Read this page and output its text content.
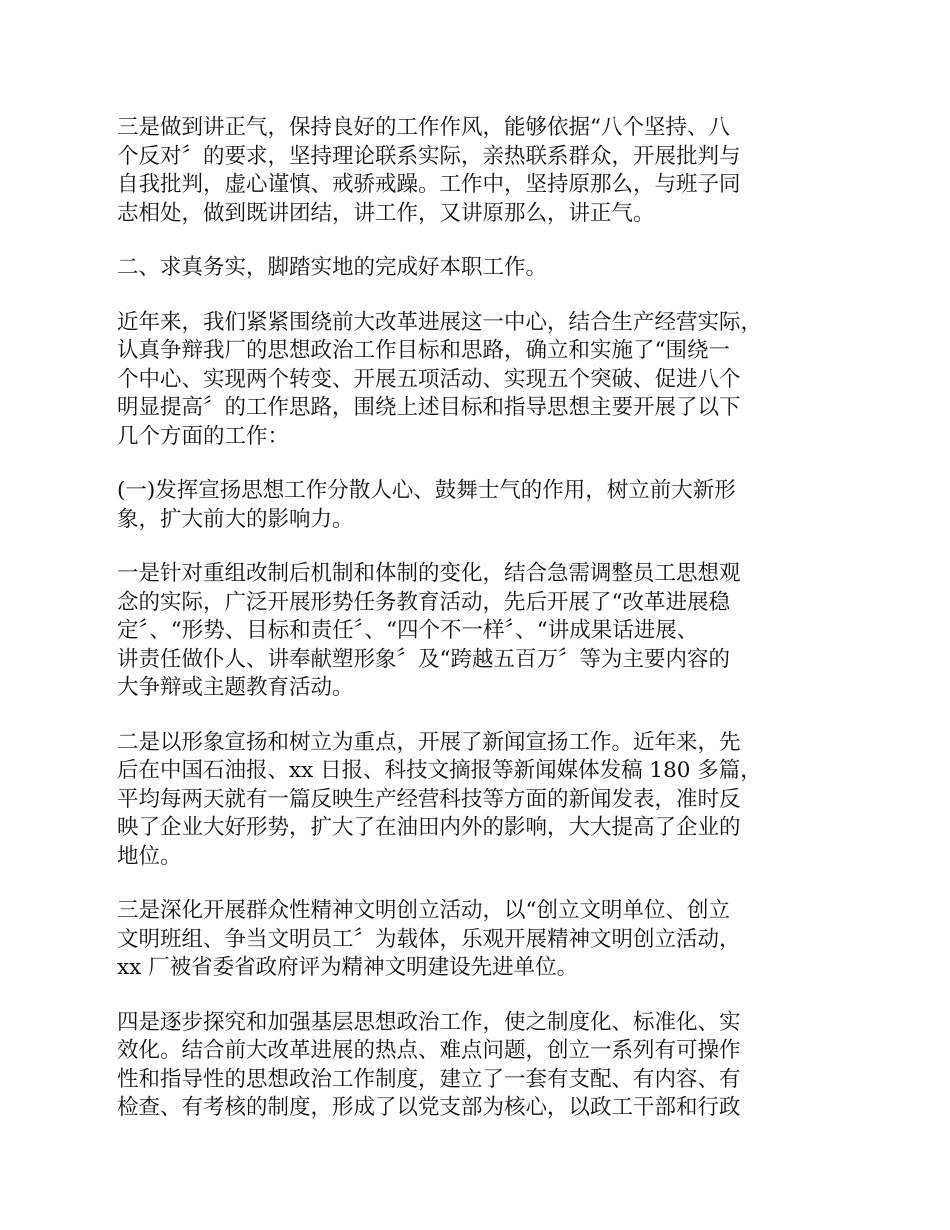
三是做到讲正气，保持良好的工作作风，能够依据“八个坚持、八
个反对〞的要求，坚持理论联系实际，亲热联系群众，开展批判与
自我批判，虚心谨慎、戒骄戒躁。工作中，坚持原那么，与班子同
志相处，做到既讲团结，讲工作，又讲原那么，讲正气。
二、求真务实，脚踏实地的完成好本职工作。
近年来，我们紧紧围绕前大改革进展这一中心，结合生产经营实际，
认真争辩我厂的思想政治工作目标和思路，确立和实施了“围绕一
个中心、实现两个转变、开展五项活动、实现五个突破、促进八个
明显提高〞的工作思路，围绕上述目标和指导思想主要开展了以下
几个方面的工作：
(一)发挥宣扬思想工作分散人心、鼓舞士气的作用，树立前大新形
象，扩大前大的影响力。
一是针对重组改制后机制和体制的变化，结合急需调整员工思想观
念的实际，广泛开展形势任务教育活动，先后开展了“改革进展稳
定〞、“形势、目标和责任〞、“四个不一样〞、“讲成果话进展、
讲责任做仆人、讲奉献塑形象〞及“跨越五百万〞等为主要内容的
大争辩或主题教育活动。
二是以形象宣扬和树立为重点，开展了新闻宣扬工作。近年来，先
后在中国石油报、xx 日报、科技文摘报等新闻媒体发稿 180 多篇，
平均每两天就有一篇反映生产经营科技等方面的新闻发表，准时反
映了企业大好形势，扩大了在油田内外的影响，大大提高了企业的
地位。
三是深化开展群众性精神文明创立活动，以“创立文明单位、创立
文明班组、争当文明员工〞为载体，乐观开展精神文明创立活动，
xx 厂被省委省政府评为精神文明建设先进单位。
四是逐步探究和加强基层思想政治工作，使之制度化、标准化、实
效化。结合前大改革进展的热点、难点问题，创立一系列有可操作
性和指导性的思想政治工作制度，建立了一套有支配、有内容、有
检查、有考核的制度，形成了以党支部为核心，以政工干部和行政
